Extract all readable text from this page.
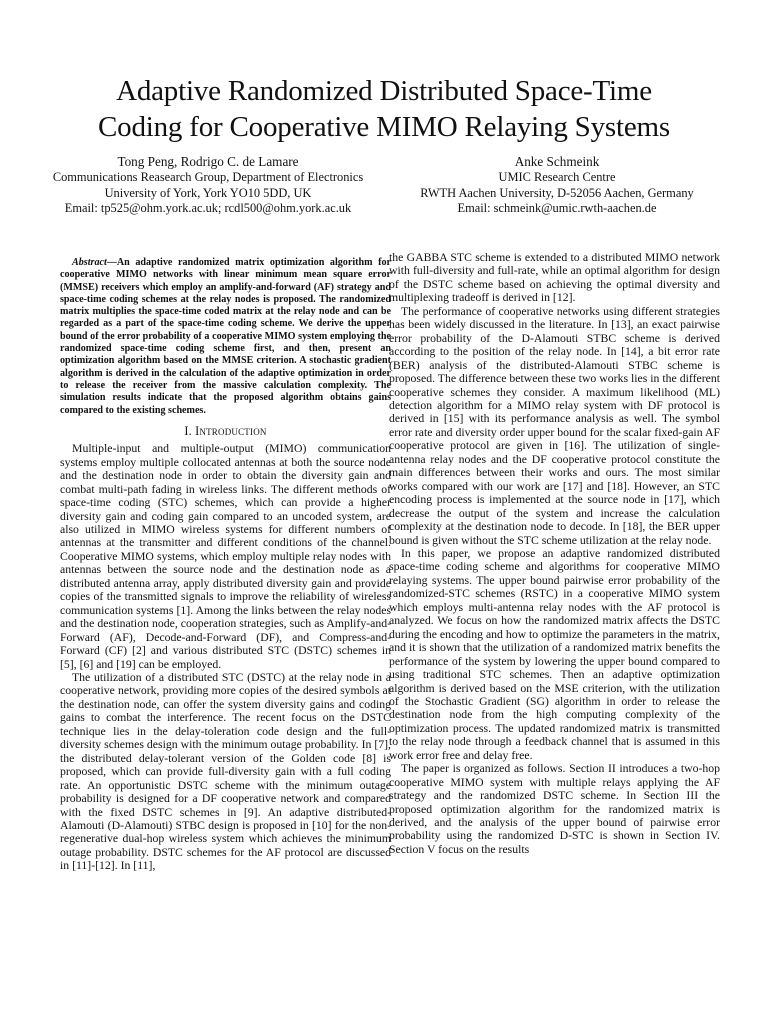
Adaptive Randomized Distributed Space-Time
Coding for Cooperative MIMO Relaying Systems
Tong Peng, Rodrigo C. de Lamare
Communications Reasearch Group, Department of Electronics
University of York, York YO10 5DD, UK
Email: tp525@ohm.york.ac.uk; rcdl500@ohm.york.ac.uk
Anke Schmeink
UMIC Research Centre
RWTH Aachen University, D-52056 Aachen, Germany
Email: schmeink@umic.rwth-aachen.de

Abstract—An adaptive randomized matrix optimization algorithm for cooperative MIMO networks with linear minimum mean square error (MMSE) receivers which employ an amplify-and-forward (AF) strategy and space-time coding schemes at the relay nodes is proposed. The randomized matrix multiplies the space-time coded matrix at the relay node and can be regarded as a part of the space-time coding scheme. We derive the upper bound of the error probability of a cooperative MIMO system employing the randomized space-time coding scheme first, and then, present an optimization algorithm based on the MMSE criterion. A stochastic gradient algorithm is derived in the calculation of the adaptive optimization in order to release the receiver from the massive calculation complexity. The simulation results indicate that the proposed algorithm obtains gains compared to the existing schemes.

I. Introduction

Multiple-input and multiple-output (MIMO) communication systems employ multiple collocated antennas at both the source node and the destination node in order to obtain the diversity gain and combat multi-path fading in wireless links. The different methods of space-time coding (STC) schemes, which can provide a higher diversity gain and coding gain compared to an uncoded system, are also utilized in MIMO wireless systems for different numbers of antennas at the transmitter and different conditions of the channel. Cooperative MIMO systems, which employ multiple relay nodes with antennas between the source node and the destination node as a distributed antenna array, apply distributed diversity gain and provide copies of the transmitted signals to improve the reliability of wireless communication systems [1]. Among the links between the relay nodes and the destination node, cooperation strategies, such as Amplify-and-Forward (AF), Decode-and-Forward (DF), and Compress-and-Forward (CF) [2] and various distributed STC (DSTC) schemes in [5], [6] and [19] can be employed.

The utilization of a distributed STC (DSTC) at the relay node in a cooperative network, providing more copies of the desired symbols at the destination node, can offer the system diversity gains and coding gains to combat the interference. The recent focus on the DSTC technique lies in the delay-toleration code design and the full-diversity schemes design with the minimum outage probability. In [7], the distributed delay-tolerant version of the Golden code [8] is proposed, which can provide full-diversity gain with a full coding rate. An opportunistic DSTC scheme with the minimum outage probability is designed for a DF cooperative network and compared with the fixed DSTC schemes in [9]. An adaptive distributed-Alamouti (D-Alamouti) STBC design is proposed in [10] for the non-regenerative dual-hop wireless system which achieves the minimum outage probability. DSTC schemes for the AF protocol are discussed in [11]-[12]. In [11],

the GABBA STC scheme is extended to a distributed MIMO network with full-diversity and full-rate, while an optimal algorithm for design of the DSTC scheme based on achieving the optimal diversity and multiplexing tradeoff is derived in [12].

The performance of cooperative networks using different strategies has been widely discussed in the literature. In [13], an exact pairwise error probability of the D-Alamouti STBC scheme is derived according to the position of the relay node. In [14], a bit error rate (BER) analysis of the distributed-Alamouti STBC scheme is proposed. The difference between these two works lies in the different cooperative schemes they consider. A maximum likelihood (ML) detection algorithm for a MIMO relay system with DF protocol is derived in [15] with its performance analysis as well. The symbol error rate and diversity order upper bound for the scalar fixed-gain AF cooperative protocol are given in [16]. The utilization of single-antenna relay nodes and the DF cooperative protocol constitute the main differences between their works and ours. The most similar works compared with our work are [17] and [18]. However, an STC encoding process is implemented at the source node in [17], which decrease the output of the system and increase the calculation complexity at the destination node to decode. In [18], the BER upper bound is given without the STC scheme utilization at the relay node.

In this paper, we propose an adaptive randomized distributed space-time coding scheme and algorithms for cooperative MIMO relaying systems. The upper bound pairwise error probability of the randomized-STC schemes (RSTC) in a cooperative MIMO system which employs multi-antenna relay nodes with the AF protocol is analyzed. We focus on how the randomized matrix affects the DSTC during the encoding and how to optimize the parameters in the matrix, and it is shown that the utilization of a randomized matrix benefits the performance of the system by lowering the upper bound compared to using traditional STC schemes. Then an adaptive optimization algorithm is derived based on the MSE criterion, with the utilization of the Stochastic Gradient (SG) algorithm in order to release the destination node from the high computing complexity of the optimization process. The updated randomized matrix is transmitted to the relay node through a feedback channel that is assumed in this work error free and delay free.

The paper is organized as follows. Section II introduces a two-hop cooperative MIMO system with multiple relays applying the AF strategy and the randomized DSTC scheme. In Section III the proposed optimization algorithm for the randomized matrix is derived, and the analysis of the upper bound of pairwise error probability using the randomized D-STC is shown in Section IV. Section V focus on the results
